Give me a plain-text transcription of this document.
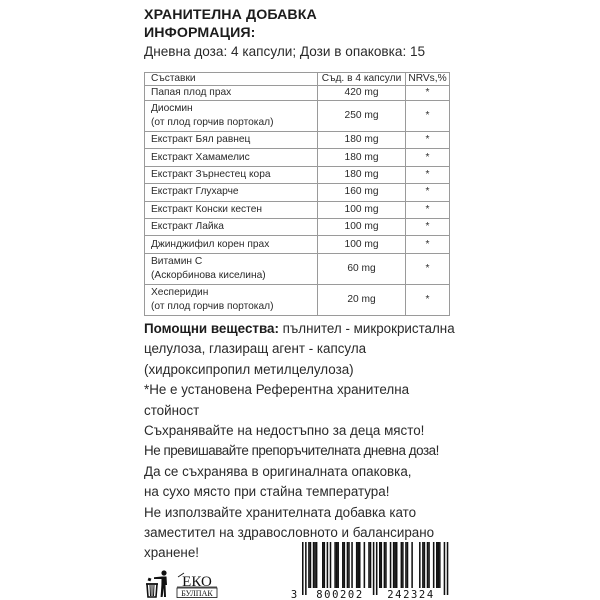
ХРАНИТЕЛНА ДОБАВКА
ИНФОРМАЦИЯ:
Дневна доза: 4 капсули; Дози в опаковка: 15
Съставки	Съд. в 4 капсули	NRVs,%
Папая плод прах	420 mg	*

Диосмин
(от плод горчив портокал)	250 mg	*
Екстракт Бял равнец	180 mg	*
Екстракт Хамамелис	180 mg	*
Екстракт Зърнестец кора	180 mg	*
Екстракт Глухарче	160 mg	*
Екстракт Конски кестен	100 mg	*
Екстракт Лайка	100 mg	*
Джинджифил корен прах	100 mg	*

Витамин С
(Аскорбинова киселина)	60 mg	*

Хесперидин
(от плод горчив портокал)	20 mg	*

Помощни вещества: пълнител - микрокристална целулоза, глазиращ агент - капсула (хидроксипропил метилцелулоза)

*Не е установена Референтна хранителна стойност

Съхранявайте на недостъпно за деца място!

Не превишавайте препоръчителната дневна доза!

Да се съхранява в оригиналната опаковка,

на сухо място при стайна температура!

Не използвайте хранителната добавка като

заместител на здравословното и балансирано

хранене!

ЕКО
БУЛПАК	3 800202 242324
